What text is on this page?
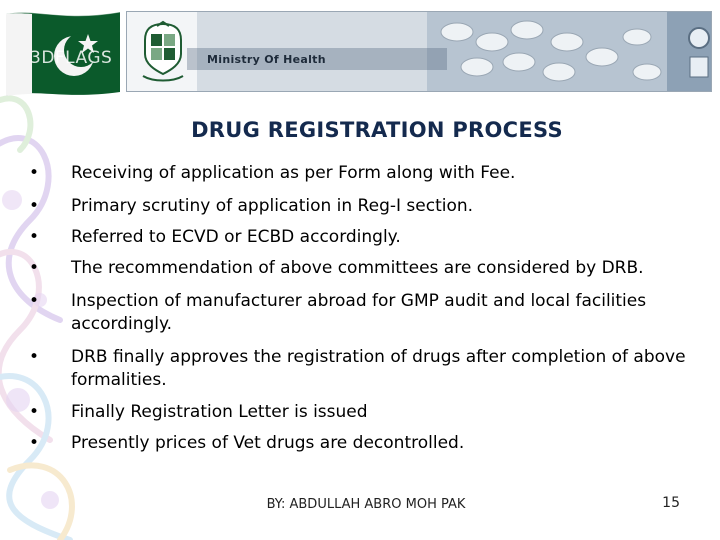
3DFLAGS	Ministry Of Health
DRUG REGISTRATION PROCESS
• Receiving of application as per Form along with Fee.
• Primary scrutiny of application in Reg-I section.
• Referred to ECVD or ECBD accordingly.
• The recommendation of above committees are considered by DRB.
• Inspection of manufacturer abroad for GMP audit and local facilities accordingly.
• DRB finally approves the registration of drugs after completion of above formalities.
• Finally Registration Letter is issued
• Presently prices of Vet drugs are decontrolled.
BY: ABDULLAH ABRO MOH PAK	15
